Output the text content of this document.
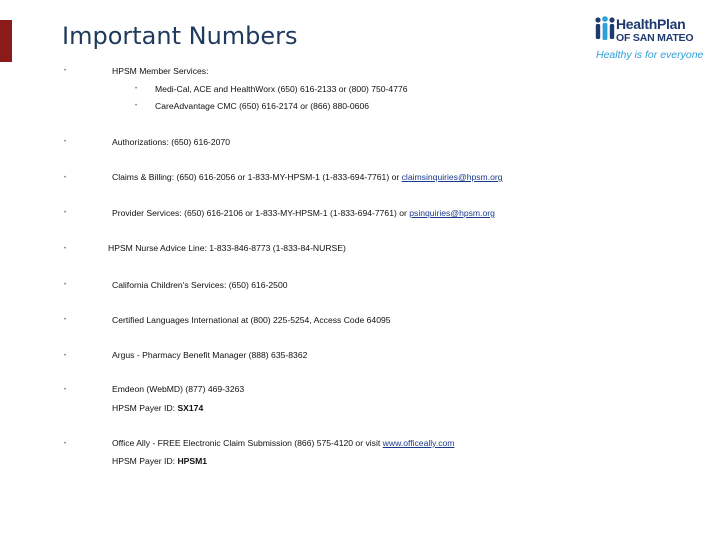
Important Numbers	HealthPlan
OF SAN MATEO
Healthy is for everyone
•	HPSM Member Services:
• Medi-Cal, ACE and HealthWorx (650) 616-2133 or (800) 750-4776
• CareAdvantage CMC (650) 616-2174 or (866) 880-0606
•	Authorizations: (650) 616-2070
•	Claims & Billing: (650) 616-2056 or 1-833-MY-HPSM-1 (1-833-694-7761) or claimsinquiries@hpsm.org
•	Provider Services: (650) 616-2106 or 1-833-MY-HPSM-1 (1-833-694-7761) or psinquiries@hpsm.org
•	HPSM Nurse Advice Line: 1-833-846-8773 (1-833-84-NURSE)
•	California Children's Services: (650) 616-2500
•	Certified Languages International at (800) 225-5254, Access Code 64095
•	Argus - Pharmacy Benefit Manager (888) 635-8362
•	Emdeon (WebMD) (877) 469-3263
HPSM Payer ID: SX174
•	Office Ally - FREE Electronic Claim Submission (866) 575-4120 or visit www.officeally.com
HPSM Payer ID: HPSM1
